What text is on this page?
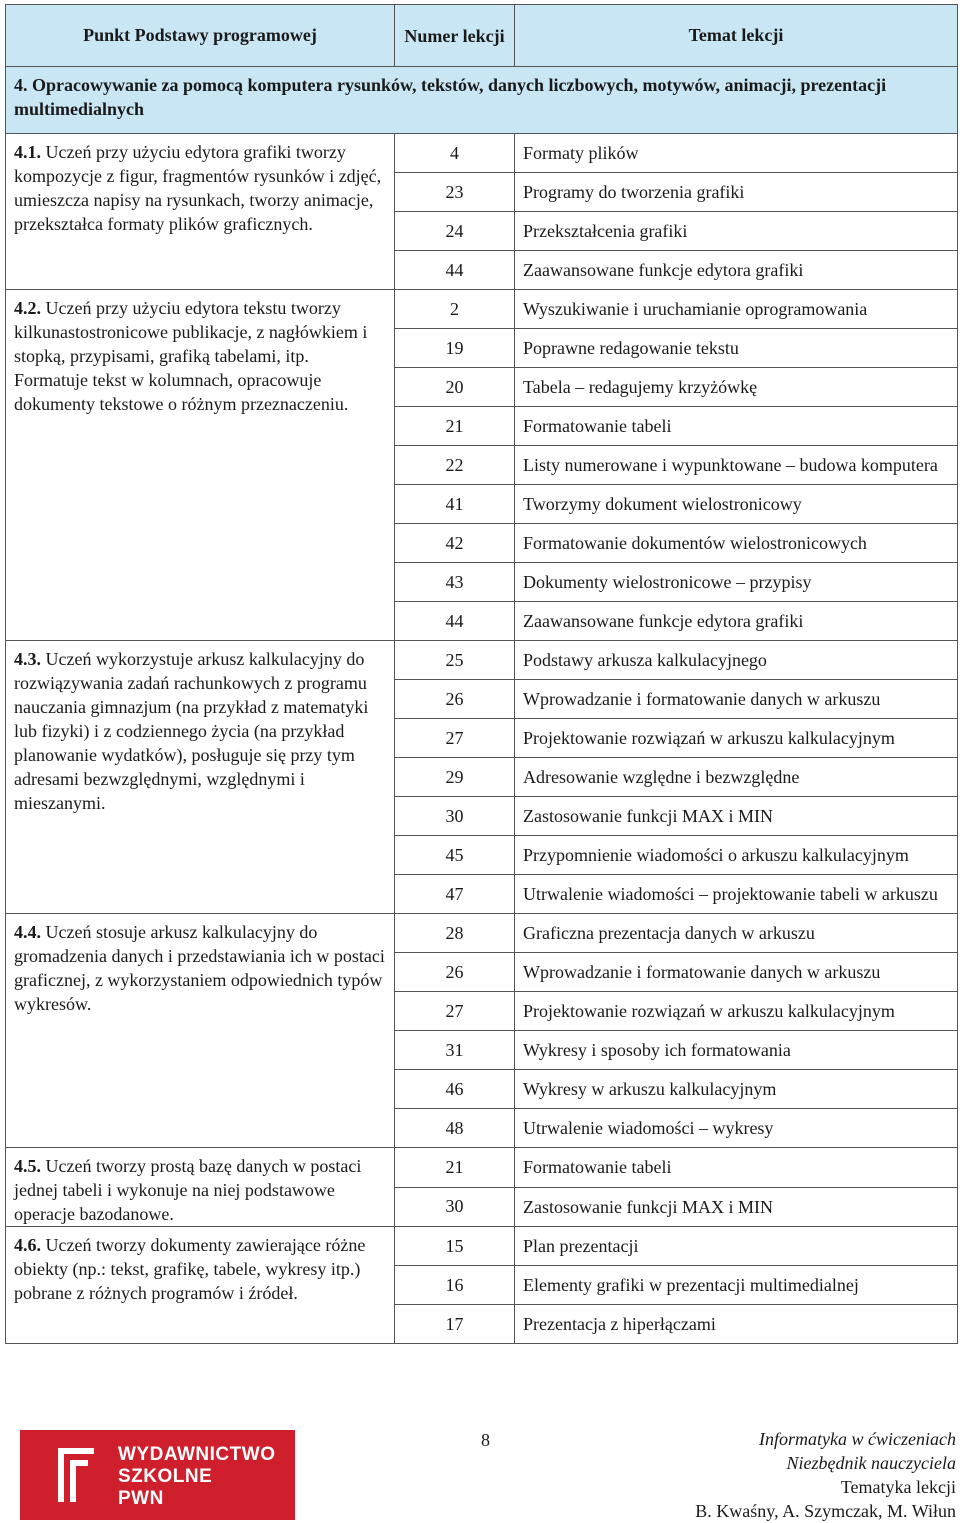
Punkt Podstawy programowej	Numer lekcji	Temat lekcji
4. Opracowywanie za pomocą komputera rysunków, tekstów, danych liczbowych, motywów, animacji, prezentacji multimedialnych		
4.1. Uczeń przy użyciu edytora grafiki tworzy kompozycje z figur, fragmentów rysunków i zdjęć, umieszcza napisy na rysunkach, tworzy animacje, przekształca formaty plików graficznych.	4	Formaty plików
	23	Programy do tworzenia grafiki
	24	Przekształcenia grafiki
	44	Zaawansowane funkcje edytora grafiki
4.2. Uczeń przy użyciu edytora tekstu tworzy kilkunastostronicowe publikacje, z nagłówkiem i stopką, przypisami, grafiką tabelami, itp. Formatuje tekst w kolumnach, opracowuje dokumenty tekstowe o różnym przeznaczeniu.	2	Wyszukiwanie i uruchamianie oprogramowania
	19	Poprawne redagowanie tekstu
	20	Tabela – redagujemy krzyżówkę
	21	Formatowanie tabeli
	22	Listy numerowane i wypunktowane – budowa komputera
	41	Tworzymy dokument wielostronicowy
	42	Formatowanie dokumentów wielostronicowych
	43	Dokumenty wielostronicowe – przypisy
	44	Zaawansowane funkcje edytora grafiki
4.3. Uczeń wykorzystuje arkusz kalkulacyjny do rozwiązywania zadań rachunkowych z programu nauczania gimnazjum (na przykład z matematyki lub fizyki) i z codziennego życia (na przykład planowanie wydatków), posługuje się przy tym adresami bezwzględnymi, względnymi i mieszanymi.	25	Podstawy arkusza kalkulacyjnego
	26	Wprowadzanie i formatowanie danych w arkuszu
	27	Projektowanie rozwiązań w arkuszu kalkulacyjnym
	29	Adresowanie względne i bezwzględne
	30	Zastosowanie funkcji MAX i MIN
	45	Przypomnienie wiadomości o arkuszu kalkulacyjnym
	47	Utrwalenie wiadomości – projektowanie tabeli w arkuszu
4.4. Uczeń stosuje arkusz kalkulacyjny do gromadzenia danych i przedstawiania ich w postaci graficznej, z wykorzystaniem odpowiednich typów wykresów.	28	Graficzna prezentacja danych w arkuszu
	26	Wprowadzanie i formatowanie danych w arkuszu
	27	Projektowanie rozwiązań w arkuszu kalkulacyjnym
	31	Wykresy i sposoby ich formatowania
	46	Wykresy w arkuszu kalkulacyjnym
	48	Utrwalenie wiadomości – wykresy
4.5. Uczeń tworzy prostą bazę danych w postaci jednej tabeli i wykonuje na niej podstawowe operacje bazodanowe.	21	Formatowanie tabeli
	30	Zastosowanie funkcji MAX i MIN
4.6. Uczeń tworzy dokumenty zawierające różne obiekty (np.: tekst, grafikę, tabele, wykresy itp.) pobrane z różnych programów i źródeł.	15	Plan prezentacji
	16	Elementy grafiki w prezentacji multimedialnej
	17	Prezentacja z hiperłączami
WYDAWNICTWO
SZKOLNE
PWN
8	Informatyka w ćwiczeniach
Niezbędnik nauczyciela
Tematyka lekcji
B. Kwaśny, A. Szymczak, M. Wiłun
